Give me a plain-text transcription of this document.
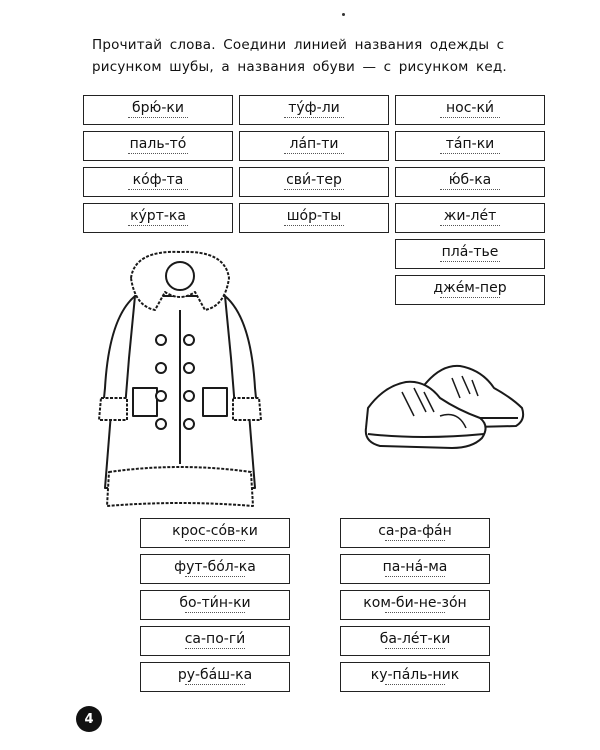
Прочитай слова. Соедини линией названия одежды с рисунком шубы, а названия обуви — с рисунком кед.
брю́-ки	ту́ф-ли	нос-ки́
паль-то́	ла́п-ти	та́п-ки
ко́ф-та	сви́-тер	ю́б-ка
ку́рт-ка	шо́р-ты	жи-ле́т
пла́-тье
дже́м-пер
крос-со́в-ки
фут-бо́л-ка
бо-ти́н-ки
са-по-ги́
ру-ба́ш-ка
са-ра-фа́н
па-на́-ма
ком-би-не-зо́н
ба-ле́т-ки
ку-па́ль-ник
4
